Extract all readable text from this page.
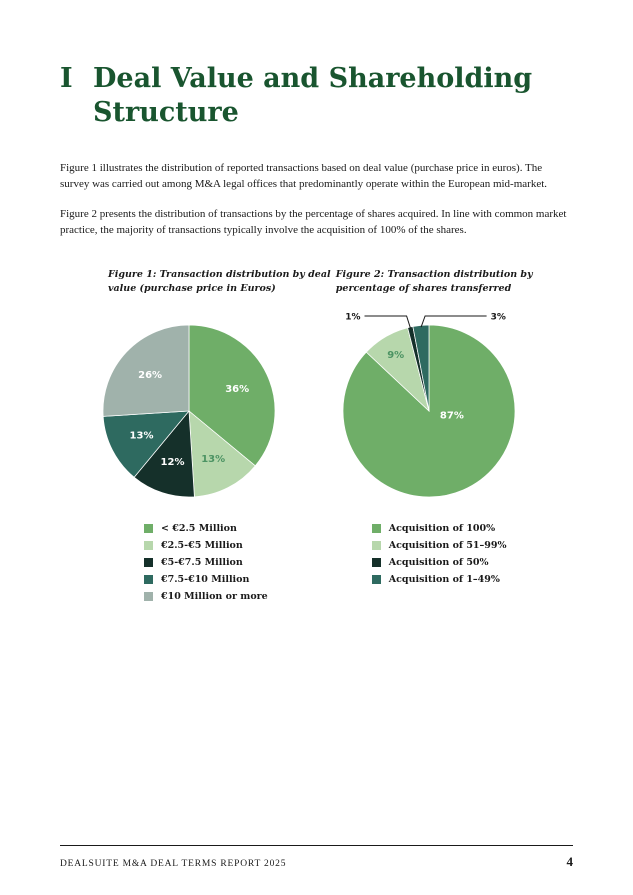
I Deal Value and Shareholding
Structure

Figure 1 illustrates the distribution of reported transactions based on deal value (purchase price in euros). The survey was carried out among M&A legal offices that predominantly operate within the European mid-market.

Figure 2 presents the distribution of transactions by the percentage of shares acquired. In line with common market practice, the majority of transactions typically involve the acquisition of 100% of the shares.

Figure 1: Transaction distribution by deal
value (purchase price in Euros)
36%
13%
12%
13%
26%
< €2.5 Million
€2.5-€5 Million
€5-€7.5 Million
€7.5-€10 Million
€10 Million or more
Figure 2: Transaction distribution by
percentage of shares transferred
87%
9%
1%	3%
Acquisition of 100%
Acquisition of 51–99%
Acquisition of 50%
Acquisition of 1–49%
DEALSUITE M&A DEAL TERMS REPORT 2025	4
